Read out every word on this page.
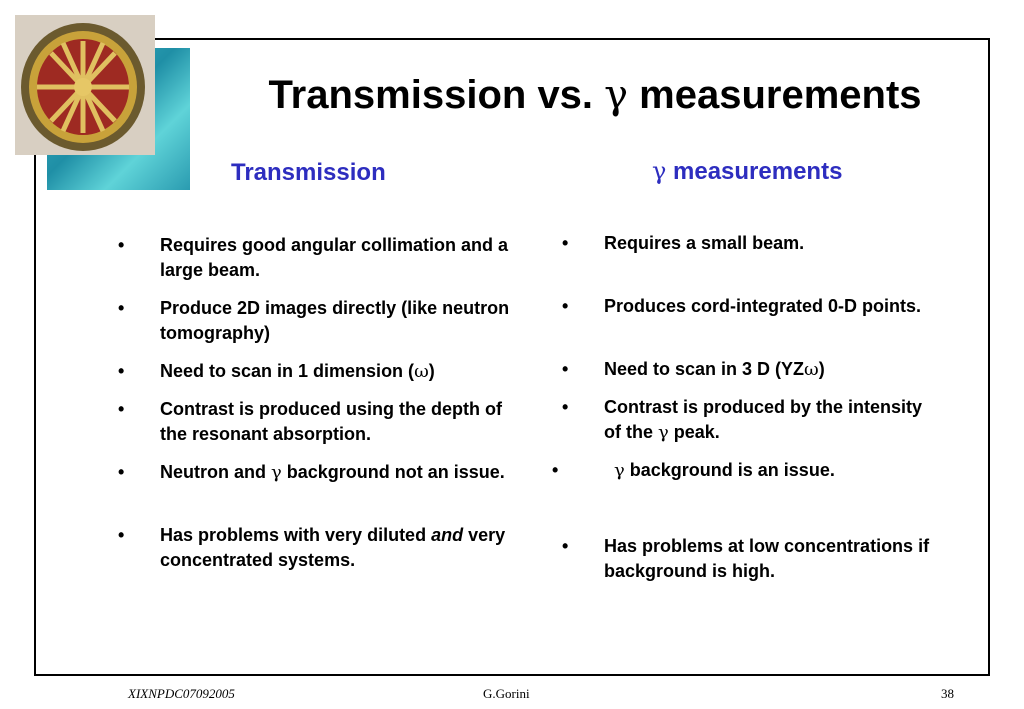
Transmission vs. γ measurements
Transmission	γ measurements
• Requires good angular collimation and a large beam.
• Produce 2D images directly (like neutron tomography)
• Need to scan in 1 dimension (ω)
• Contrast is produced using the depth of the resonant absorption.
• Neutron and γ background not an issue.
• Has problems with very diluted and very concentrated systems.
• Requires a small beam.
• Produces cord-integrated 0-D points.
• Need to scan in 3 D (YZω)
• Contrast is produced by the intensity of the γ peak.
•	γ background is an issue.
• Has problems at low concentrations if background is high.
XIXNPDC07092005	G.Gorini	38
